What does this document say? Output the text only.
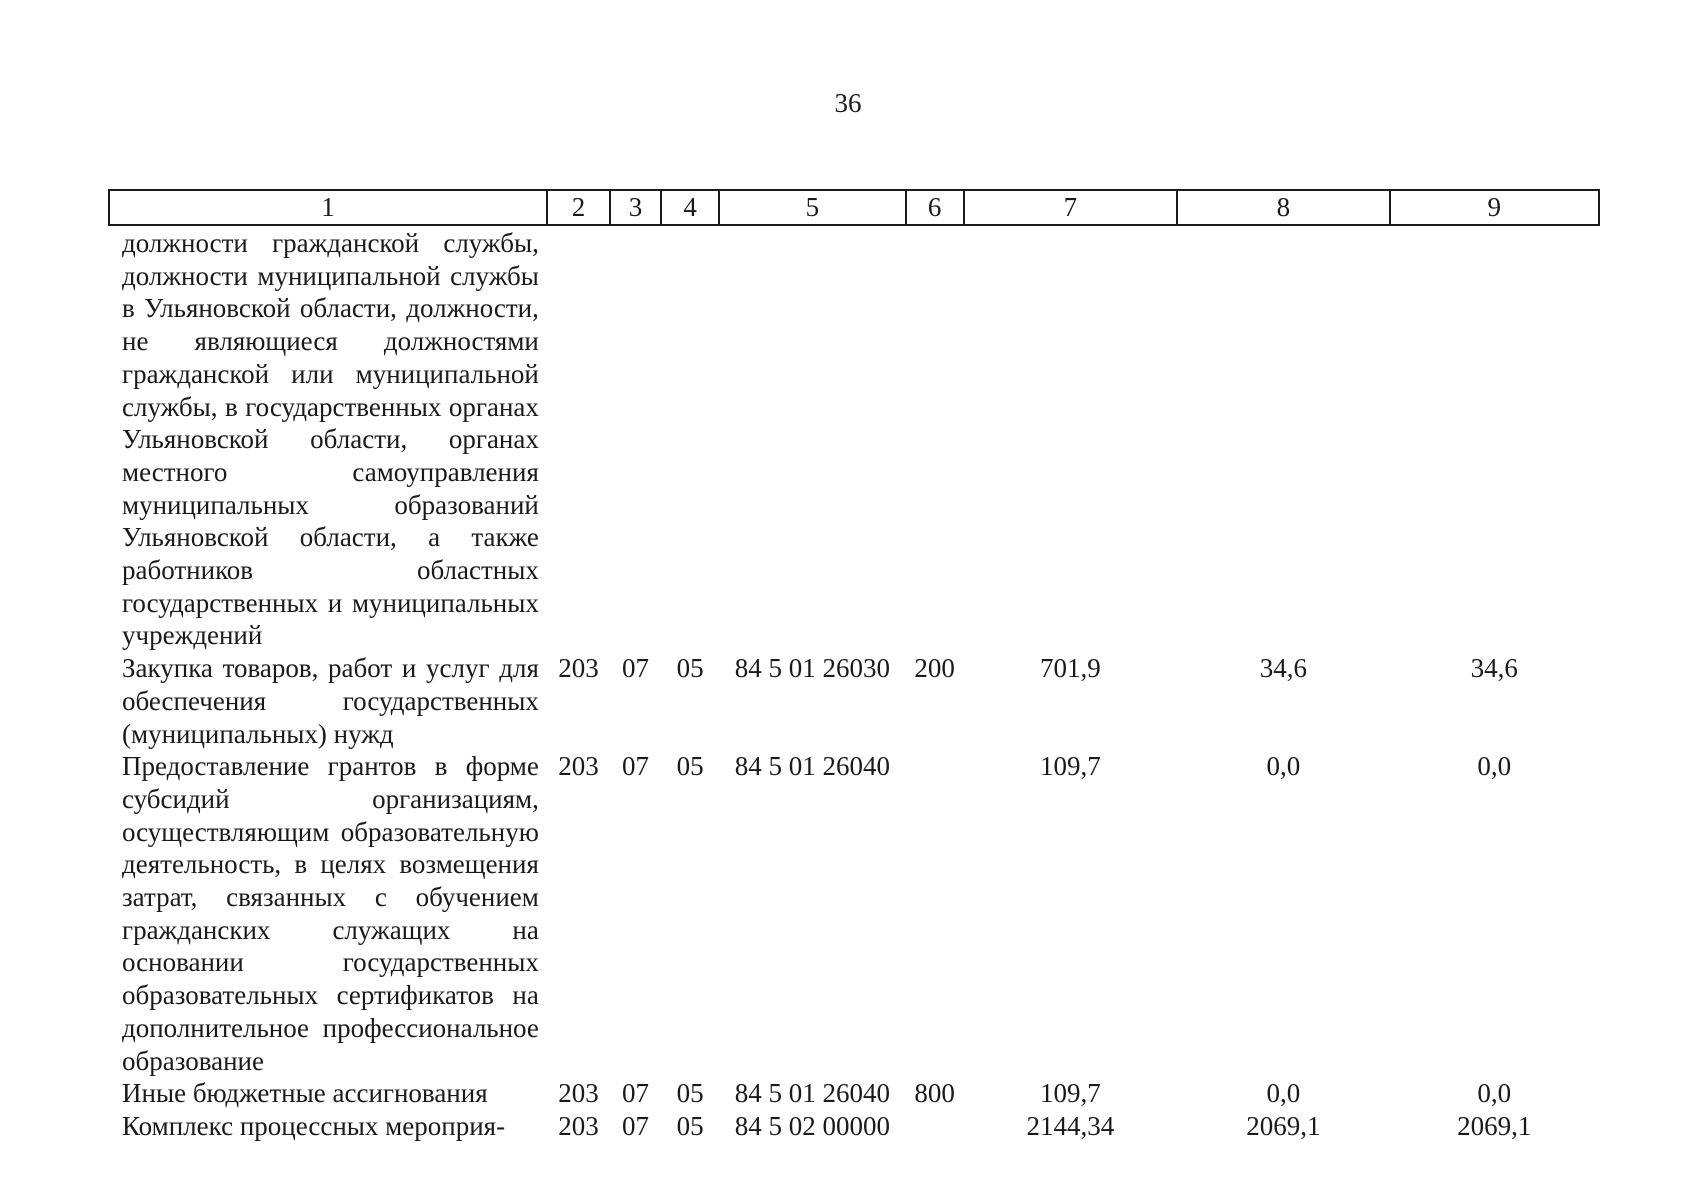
36
1	2	3	4	5	6	7	8	9
должности гражданской службы, должности муниципальной службы в Ульяновской области, должности, не являющиеся должностями гражданской или муниципальной службы, в государственных органах Ульяновской области, органах местного самоуправления муниципальных образований Ульяновской области, а также работников областных государственных и муниципальных учреждений								
Закупка товаров, работ и услуг для обеспечения государственных (муниципальных) нужд	203	07	05	84 5 01 26030	200	701,9	34,6	34,6
Предоставление грантов в форме субсидий организациям, осуществляющим образовательную деятельность, в целях возмещения затрат, связанных с обучением гражданских служащих на основании государственных образовательных сертификатов на дополнительное профессиональное образование	203	07	05	84 5 01 26040		109,7	0,0	0,0
Иные бюджетные ассигнования	203	07	05	84 5 01 26040	800	109,7	0,0	0,0
Комплекс процессных мероприя-	203	07	05	84 5 02 00000		2144,34	2069,1	2069,1
